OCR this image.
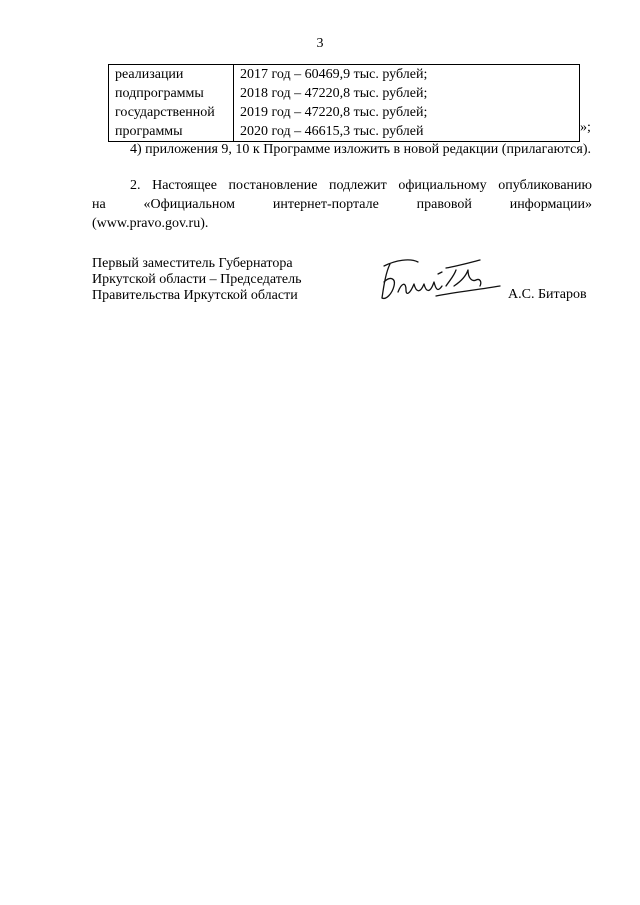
3
реализации	2017 год – 60469,9 тыс. рублей;
подпрограммы	2018 год – 47220,8 тыс. рублей;
государственной	2019 год – 47220,8 тыс. рублей;
программы	2020 год – 46615,3 тыс. рублей	»;
4) приложения 9, 10 к Программе изложить в новой редакции (прилагаются).
2. Настоящее постановление подлежит официальному опубликованию
на «Официальном интернет-портале правовой информации»
(www.pravo.gov.ru).
Первый заместитель Губернатора
Иркутской области – Председатель
Правительства Иркутской области	А.С. Битаров
